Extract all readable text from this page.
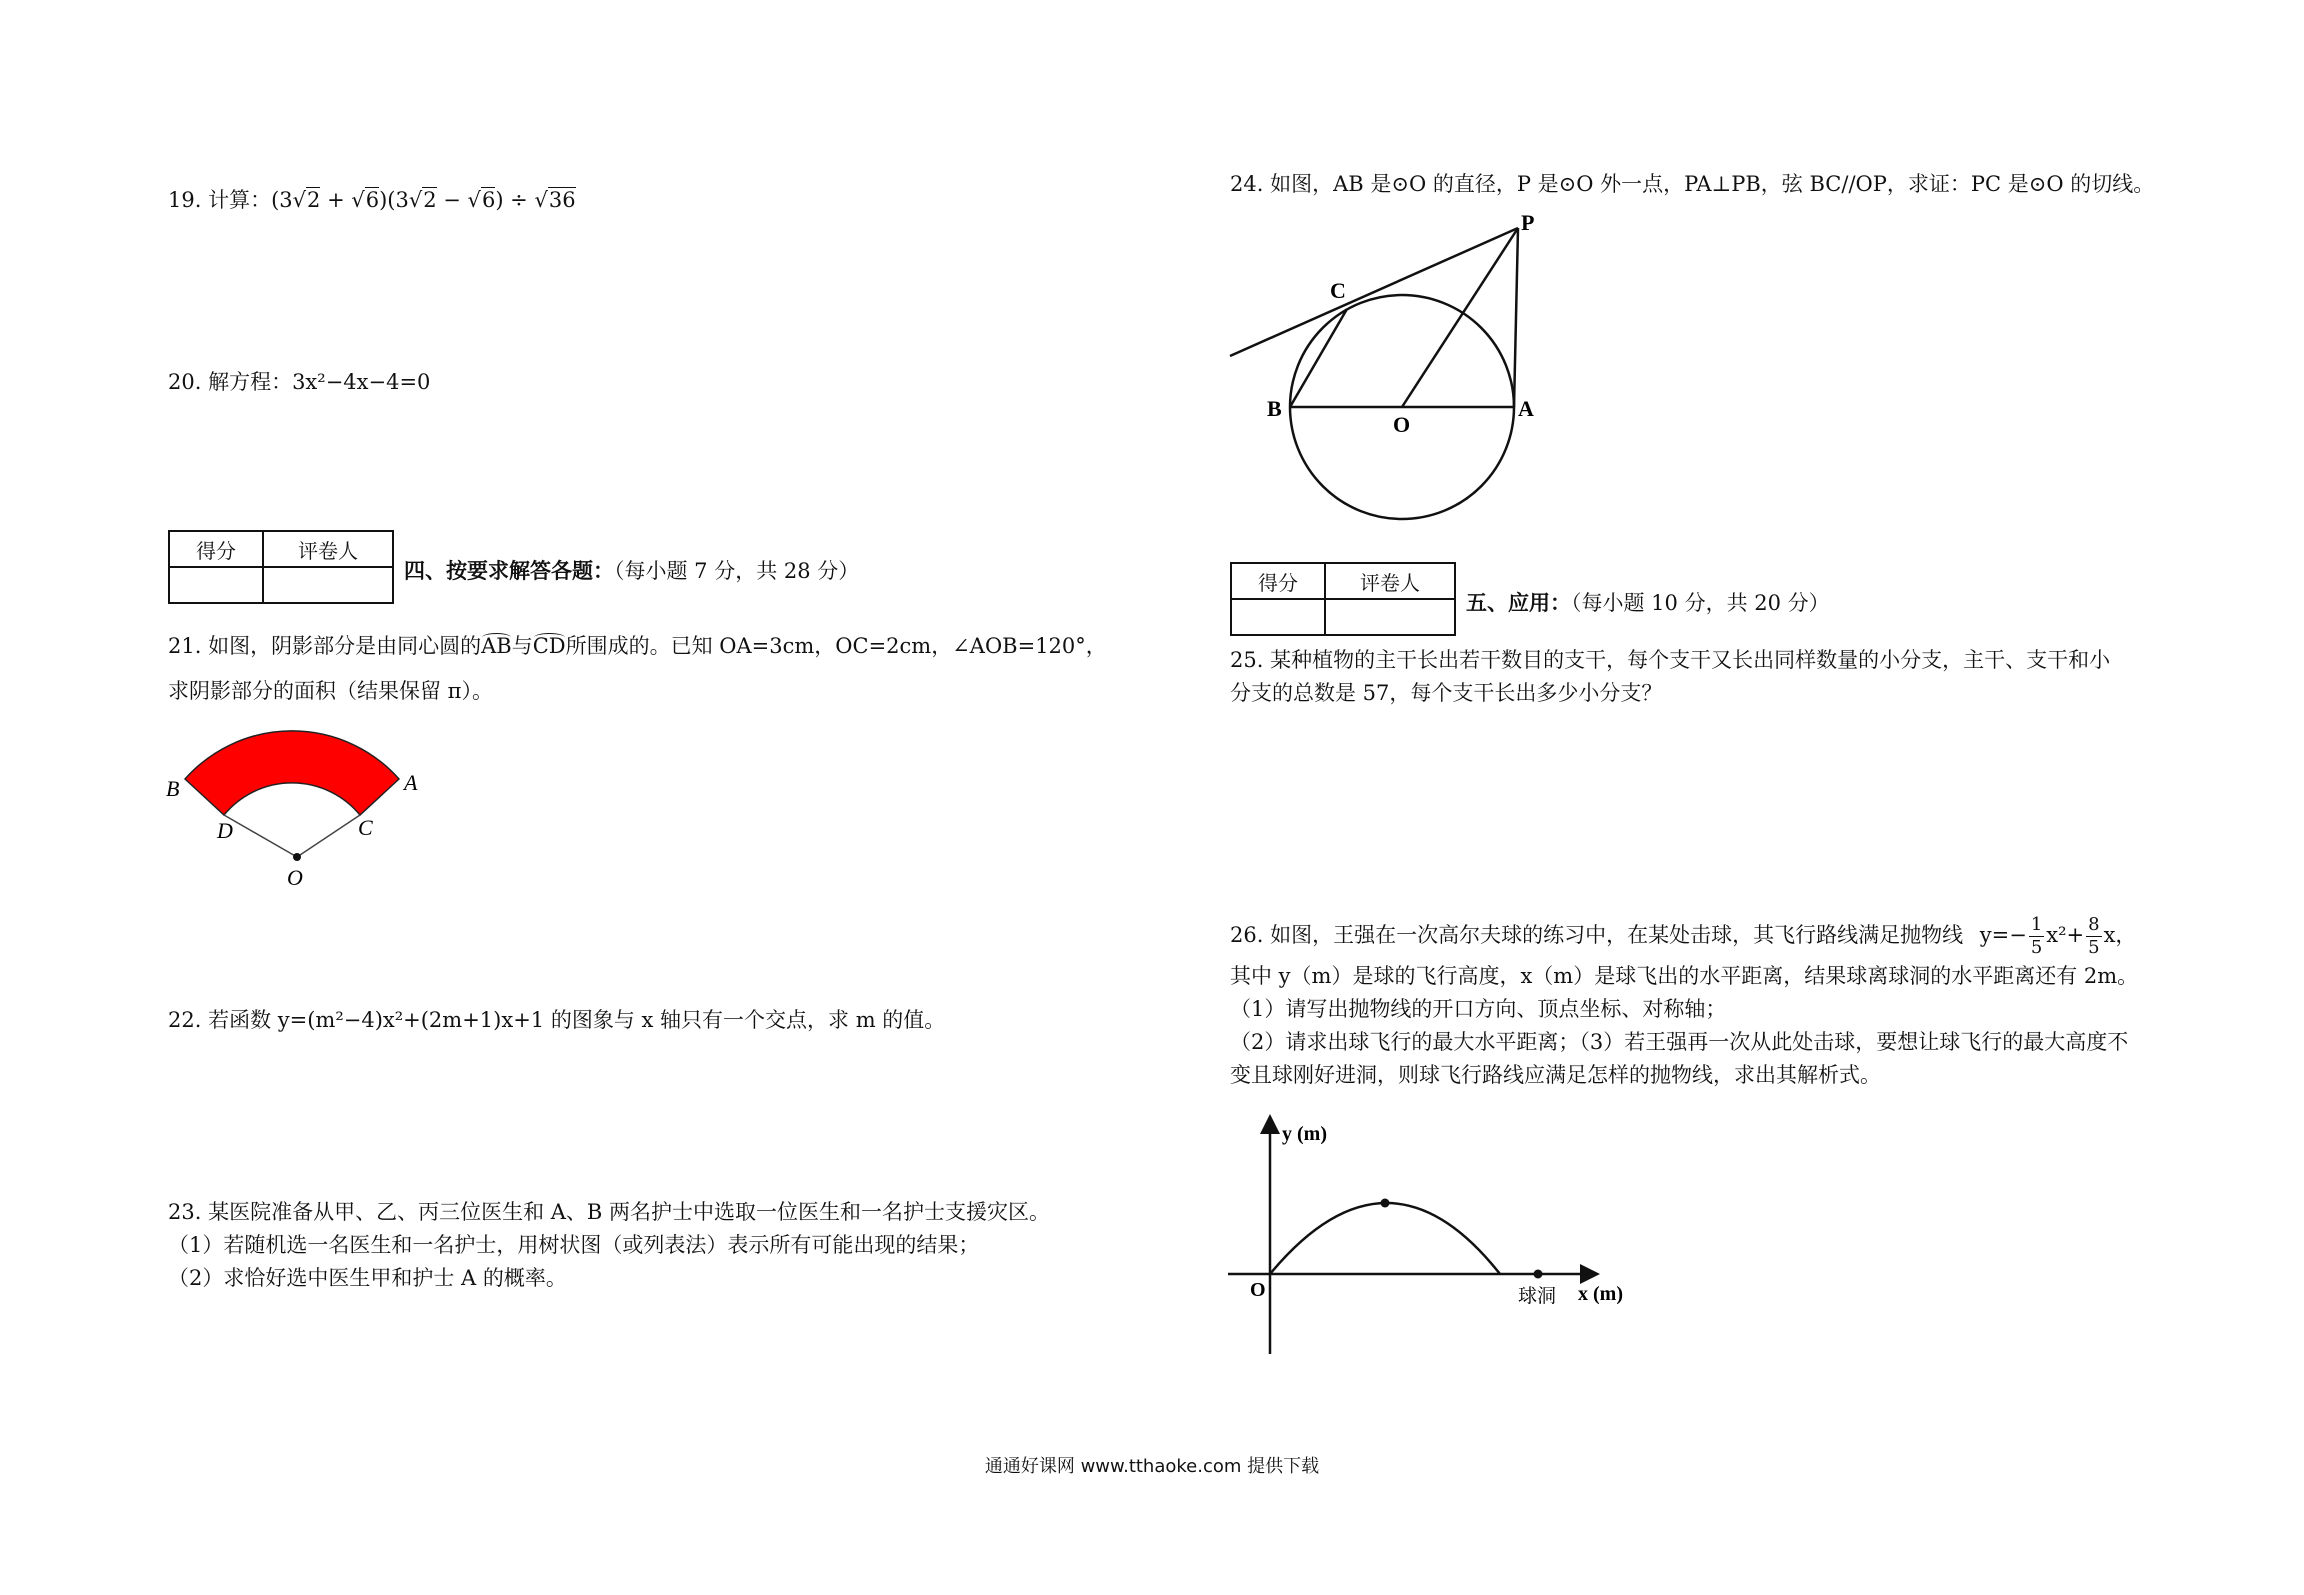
19. 计算：(3√2 + √6)(3√2 − √6) ÷ √36
20. 解方程：3x²−4x−4=0
得分	评卷人

四、按要求解答各题：（每小题 7 分，共 28 分）
21. 如图，阴影部分是由同心圆的
AB与
CD所围成的。已知 OA=3cm，OC=2cm，∠AOB=120°，
求阴影部分的面积（结果保留 π）。
B	A
D	C
O
22. 若函数 y=(m²−4)x²+(2m+1)x+1 的图象与 x 轴只有一个交点，求 m 的值。
23. 某医院准备从甲、乙、丙三位医生和 A、B 两名护士中选取一位医生和一名护士支援灾区。
（1）若随机选一名医生和一名护士，用树状图（或列表法）表示所有可能出现的结果；
（2）求恰好选中医生甲和护士 A 的概率。
24. 如图，AB 是⊙O 的直径，P 是⊙O 外一点，PA⊥PB，弦 BC//OP，求证：PC 是⊙O 的切线。
P
C
B
O
A
得分	评卷人

五、应用：（每小题 10 分，共 20 分）
25. 某种植物的主干长出若干数目的支干，每个支干又长出同样数量的小分支，主干、支干和小
分支的总数是 57，每个支干长出多少小分支？
26. 如图，王强在一次高尔夫球的练习中，在某处击球，其飞行路线满足抛物线 $y=- \frac{1}{5} x^2+ \frac{8}{5}$ x，
其中 y（m）是球的飞行高度，x（m）是球飞出的水平距离，结果球离球洞的水平距离还有 2m。
（1）请写出抛物线的开口方向、顶点坐标、对称轴；
（2）请求出球飞行的最大水平距离；（3）若王强再一次从此处击球，要想让球飞行的最大高度不
变且球刚好进洞，则球飞行路线应满足怎样的抛物线，求出其解析式。
y (m)
x (m)
O	球洞
通通好课网 www.tthaoke.com 提供下载
